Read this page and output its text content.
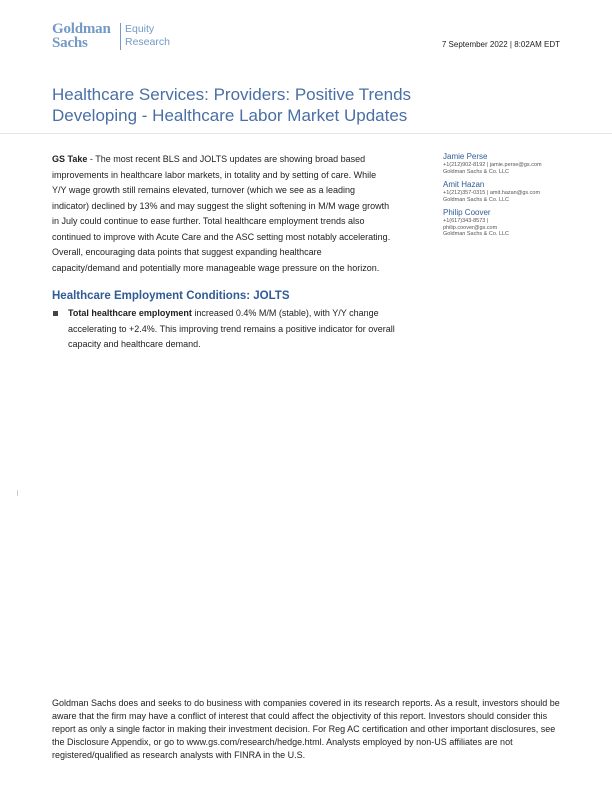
Goldman
Sachs
Equity
Research	7 September 2022 | 8:02AM EDT
Healthcare Services: Providers: Positive Trends Developing - Healthcare Labor Market Updates

GS Take - The most recent BLS and JOLTS updates are showing broad based improvements in healthcare labor markets, in totality and by setting of care. While Y/Y wage growth still remains elevated, turnover (which we see as a leading indicator) declined by 13% and may suggest the slight softening in M/M wage growth in July could continue to ease further. Total healthcare employment trends also continued to improve with Acute Care and the ASC setting most notably accelerating. Overall, encouraging data points that suggest expanding healthcare capacity/demand and potentially more manageable wage pressure on the horizon.

Jamie Perse
+1(212)902-8192 | jamie.perse@gs.com
Goldman Sachs & Co. LLC
Amit Hazan
+1(212)357-0315 | amit.hazan@gs.com
Goldman Sachs & Co. LLC
Philip Coover
+1(617)343-8573 |
philip.coover@gs.com
Goldman Sachs & Co. LLC
Healthcare Employment Conditions: JOLTS
Total healthcare employment increased 0.4% M/M (stable), with Y/Y change accelerating to +2.4%. This improving trend remains a positive indicator for overall capacity and healthcare demand.

Goldman Sachs does and seeks to do business with companies covered in its research reports. As a result, investors should be aware that the firm may have a conflict of interest that could affect the objectivity of this report. Investors should consider this report as only a single factor in making their investment decision. For Reg AC certification and other important disclosures, see the Disclosure Appendix, or go to www.gs.com/research/hedge.html. Analysts employed by non-US affiliates are not registered/qualified as research analysts with FINRA in the U.S.
